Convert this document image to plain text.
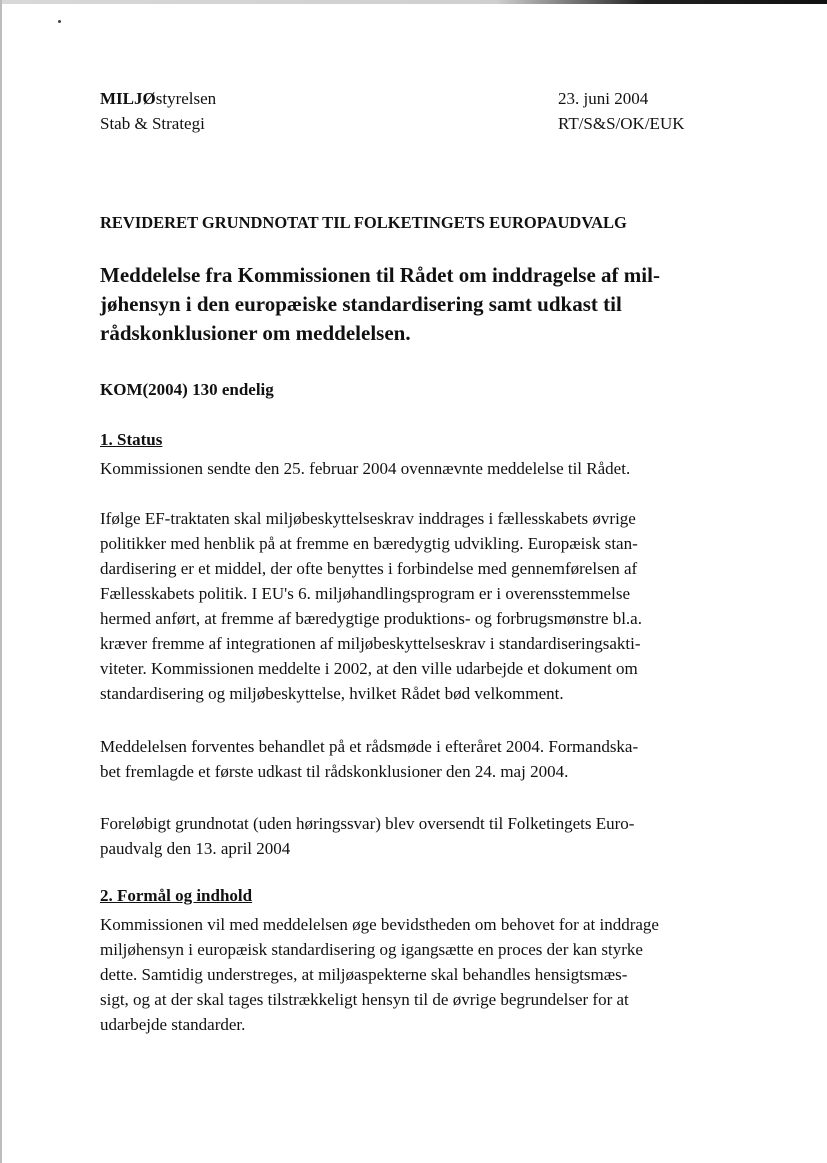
MILJØstyrelsen
Stab & Strategi
23. juni 2004
RT/S&S/OK/EUK
REVIDERET GRUNDNOTAT TIL FOLKETINGETS EUROPAUDVALG

Meddelelse fra Kommissionen til Rådet om inddragelse af mil-

jøhensyn i den europæiske standardisering samt udkast til

rådskonklusioner om meddelelsen.

KOM(2004) 130 endelig
1. Status

Kommissionen sendte den 25. februar 2004 ovennævnte meddelelse til Rådet.

Ifølge EF-traktaten skal miljøbeskyttelseskrav inddrages i fællesskabets øvrige

politikker med henblik på at fremme en bæredygtig udvikling. Europæisk stan-

dardisering er et middel, der ofte benyttes i forbindelse med gennemførelsen af

Fællesskabets politik. I EU's 6. miljøhandlingsprogram er i overensstemmelse

hermed anført, at fremme af bæredygtige produktions- og forbrugsmønstre bl.a.

kræver fremme af integrationen af miljøbeskyttelseskrav i standardiseringsakti-

viteter. Kommissionen meddelte i 2002, at den ville udarbejde et dokument om

standardisering og miljøbeskyttelse, hvilket Rådet bød velkomment.

Meddelelsen forventes behandlet på et rådsmøde i efteråret 2004. Formandska-

bet fremlagde et første udkast til rådskonklusioner den 24. maj 2004.

Foreløbigt grundnotat (uden høringssvar) blev oversendt til Folketingets Euro-

paudvalg den 13. april 2004

2. Formål og indhold

Kommissionen vil med meddelelsen øge bevidstheden om behovet for at inddrage

miljøhensyn i europæisk standardisering og igangsætte en proces der kan styrke

dette. Samtidig understreges, at miljøaspekterne skal behandles hensigtsmæs-

sigt, og at der skal tages tilstrækkeligt hensyn til de øvrige begrundelser for at

udarbejde standarder.
